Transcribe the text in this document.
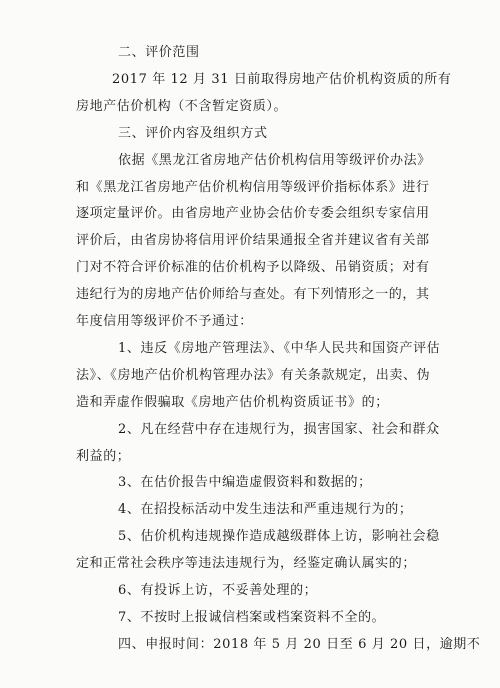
二、评价范围
2017 年 12 月 31 日前取得房地产估价机构资质的所有
房地产估价机构（不含暂定资质）。
三、评价内容及组织方式
依据《黑龙江省房地产估价机构信用等级评价办法》
和《黑龙江省房地产估价机构信用等级评价指标体系》进行
逐项定量评价。由省房地产业协会估价专委会组织专家信用
评价后，由省房协将信用评价结果通报全省并建议省有关部
门对不符合评价标准的估价机构予以降级、吊销资质；对有
违纪行为的房地产估价师给与查处。有下列情形之一的，其
年度信用等级评价不予通过：
1、违反《房地产管理法》、《中华人民共和国资产评估
法》、《房地产估价机构管理办法》有关条款规定，出卖、伪
造和弄虚作假骗取《房地产估价机构资质证书》的；
2、凡在经营中存在违规行为，损害国家、社会和群众
利益的；
3、在估价报告中编造虚假资料和数据的；
4、在招投标活动中发生违法和严重违规行为的；
5、估价机构违规操作造成越级群体上访，影响社会稳
定和正常社会秩序等违法违规行为，经鉴定确认属实的；
6、有投诉上访，不妥善处理的；
7、不按时上报诚信档案或档案资料不全的。
四、申报时间：2018 年 5 月 20 日至 6 月 20 日，逾期不
